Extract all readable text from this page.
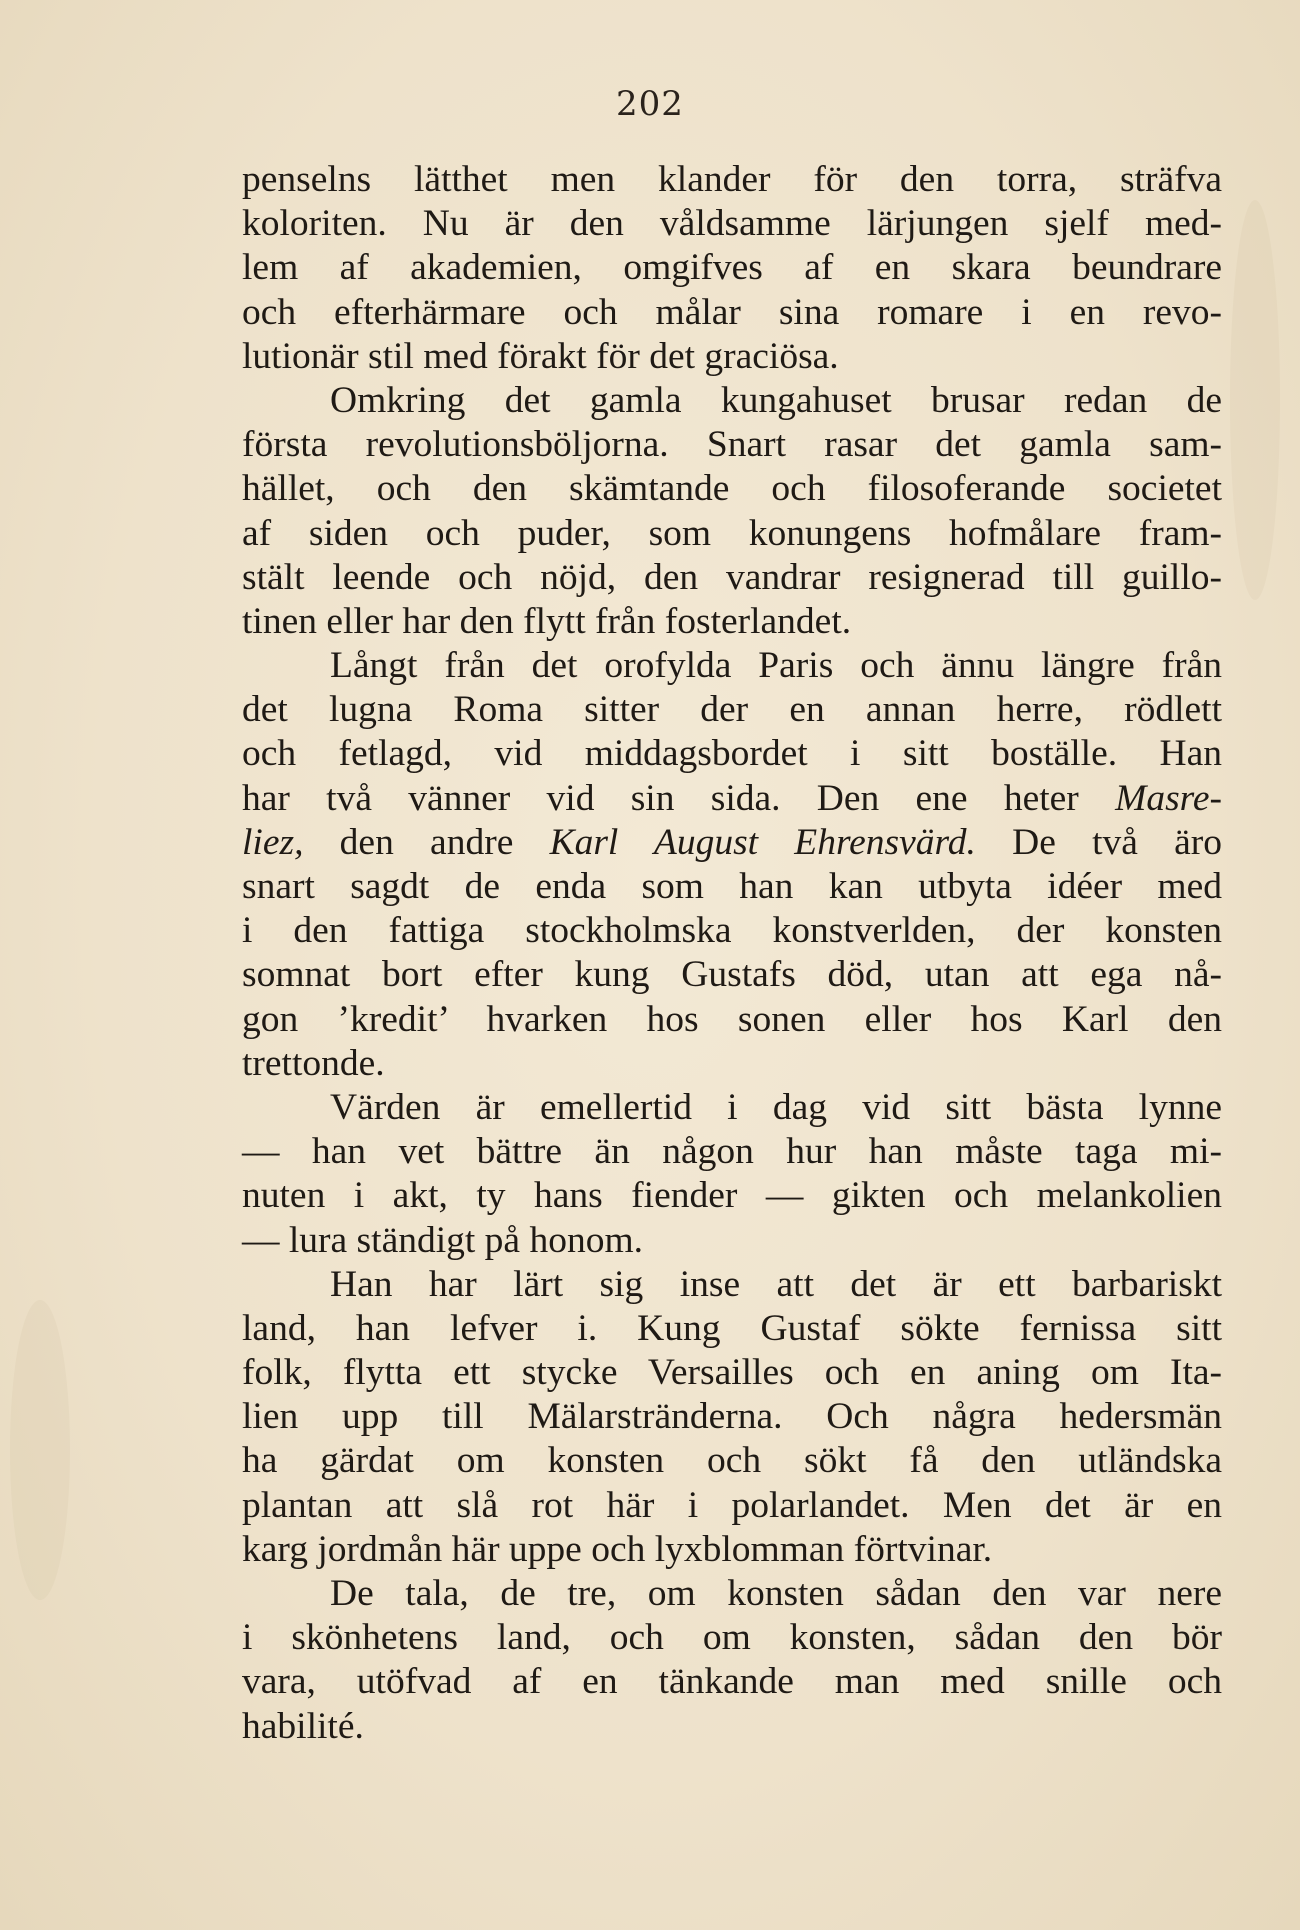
202
penselns lätthet men klander för den torra, sträfva
koloriten. Nu är den våldsamme lärjungen sjelf med-
lem af akademien, omgifves af en skara beundrare
och efterhärmare och målar sina romare i en revo-
lutionär stil med förakt för det graciösa.
Omkring det gamla kungahuset brusar redan de
första revolutionsböljorna. Snart rasar det gamla sam-
hället, och den skämtande och filosoferande societet
af siden och puder, som konungens hofmålare fram-
stält leende och nöjd, den vandrar resignerad till guillo-
tinen eller har den flytt från fosterlandet.
Långt från det orofylda Paris och ännu längre från
det lugna Roma sitter der en annan herre, rödlett
och fetlagd, vid middagsbordet i sitt boställe. Han
har två vänner vid sin sida. Den ene heter Masre-
liez, den andre Karl August Ehrensvärd. De två äro
snart sagdt de enda som han kan utbyta idéer med
i den fattiga stockholmska konstverlden, der konsten
somnat bort efter kung Gustafs död, utan att ega nå-
gon ’kredit’ hvarken hos sonen eller hos Karl den
trettonde.
Värden är emellertid i dag vid sitt bästa lynne
— han vet bättre än någon hur han måste taga mi-
nuten i akt, ty hans fiender — gikten och melankolien
— lura ständigt på honom.
Han har lärt sig inse att det är ett barbariskt
land, han lefver i. Kung Gustaf sökte fernissa sitt
folk, flytta ett stycke Versailles och en aning om Ita-
lien upp till Mälarstränderna. Och några hedersmän
ha gärdat om konsten och sökt få den utländska
plantan att slå rot här i polarlandet. Men det är en
karg jordmån här uppe och lyxblomman förtvinar.
De tala, de tre, om konsten sådan den var nere
i skönhetens land, och om konsten, sådan den bör
vara, utöfvad af en tänkande man med snille och
habilité.
